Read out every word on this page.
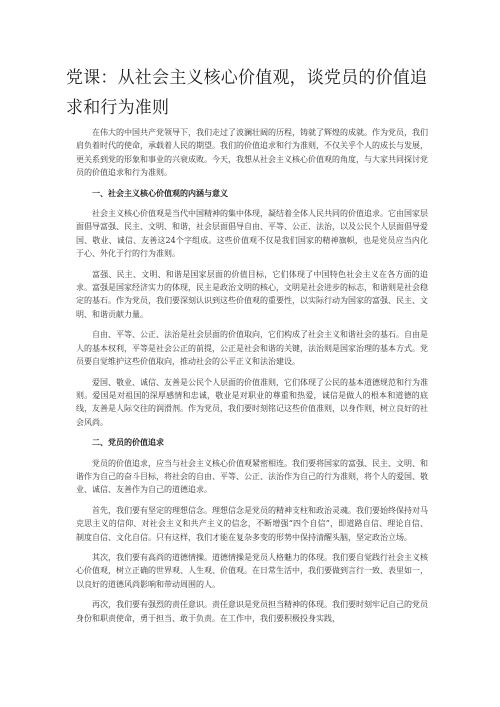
党课：从社会主义核心价值观，谈党员的价值追求和行为准则

在伟大的中国共产党领导下，我们走过了波澜壮阔的历程，铸就了辉煌的成就。作为党员，我们肩负着时代的使命，承载着人民的期望。我们的价值追求和行为准则，不仅关乎个人的成长与发展，更关系到党的形象和事业的兴衰成败。今天，我想从社会主义核心价值观的角度，与大家共同探讨党员的价值追求和行为准则。

一、社会主义核心价值观的内涵与意义

社会主义核心价值观是当代中国精神的集中体现，凝结着全体人民共同的价值追求。它由国家层面倡导富强、民主、文明、和谐，社会层面倡导自由、平等、公正、法治，以及公民个人层面倡导爱国、敬业、诚信、友善这24个字组成。这些价值观不仅是我们国家的精神旗帜，也是党员应当内化于心、外化于行的行为准则。

富强、民主、文明、和谐是国家层面的价值目标，它们体现了中国特色社会主义在各方面的追求。富强是国家经济实力的体现，民主是政治文明的核心，文明是社会进步的标志，和谐则是社会稳定的基石。作为党员，我们要深刻认识到这些价值观的重要性，以实际行动为国家的富强、民主、文明、和谐贡献力量。

自由、平等、公正、法治是社会层面的价值取向，它们构成了社会主义和谐社会的基石。自由是人的基本权利，平等是社会公正的前提，公正是社会和谐的关键，法治则是国家治理的基本方式。党员要自觉维护这些价值取向，推动社会的公平正义和法治建设。

爱国、敬业、诚信、友善是公民个人层面的价值准则，它们体现了公民的基本道德规范和行为准则。爱国是对祖国的深厚感情和忠诚，敬业是对职业的尊重和热爱，诚信是做人的根本和道德的底线，友善是人际交往的润滑剂。作为党员，我们要时刻铭记这些价值准则，以身作则，树立良好的社会风尚。

二、党员的价值追求

党员的价值追求，应当与社会主义核心价值观紧密相连。我们要将国家的富强、民主、文明、和谐作为自己的奋斗目标，将社会的自由、平等、公正、法治作为自己的行为准则，将个人的爱国、敬业、诚信、友善作为自己的道德追求。

首先，我们要有坚定的理想信念。理想信念是党员的精神支柱和政治灵魂。我们要始终保持对马克思主义的信仰、对社会主义和共产主义的信念，不断增强“四个自信”，即道路自信、理论自信、制度自信、文化自信。只有这样，我们才能在复杂多变的形势中保持清醒头脑，坚定政治立场。

其次，我们要有高尚的道德情操。道德情操是党员人格魅力的体现。我们要自觉践行社会主义核心价值观，树立正确的世界观、人生观、价值观。在日常生活中，我们要做到言行一致、表里如一，以良好的道德风尚影响和带动周围的人。

再次，我们要有强烈的责任意识。责任意识是党员担当精神的体现。我们要时刻牢记自己的党员身份和职责使命，勇于担当、敢于负责。在工作中，我们要积极投身实践，
